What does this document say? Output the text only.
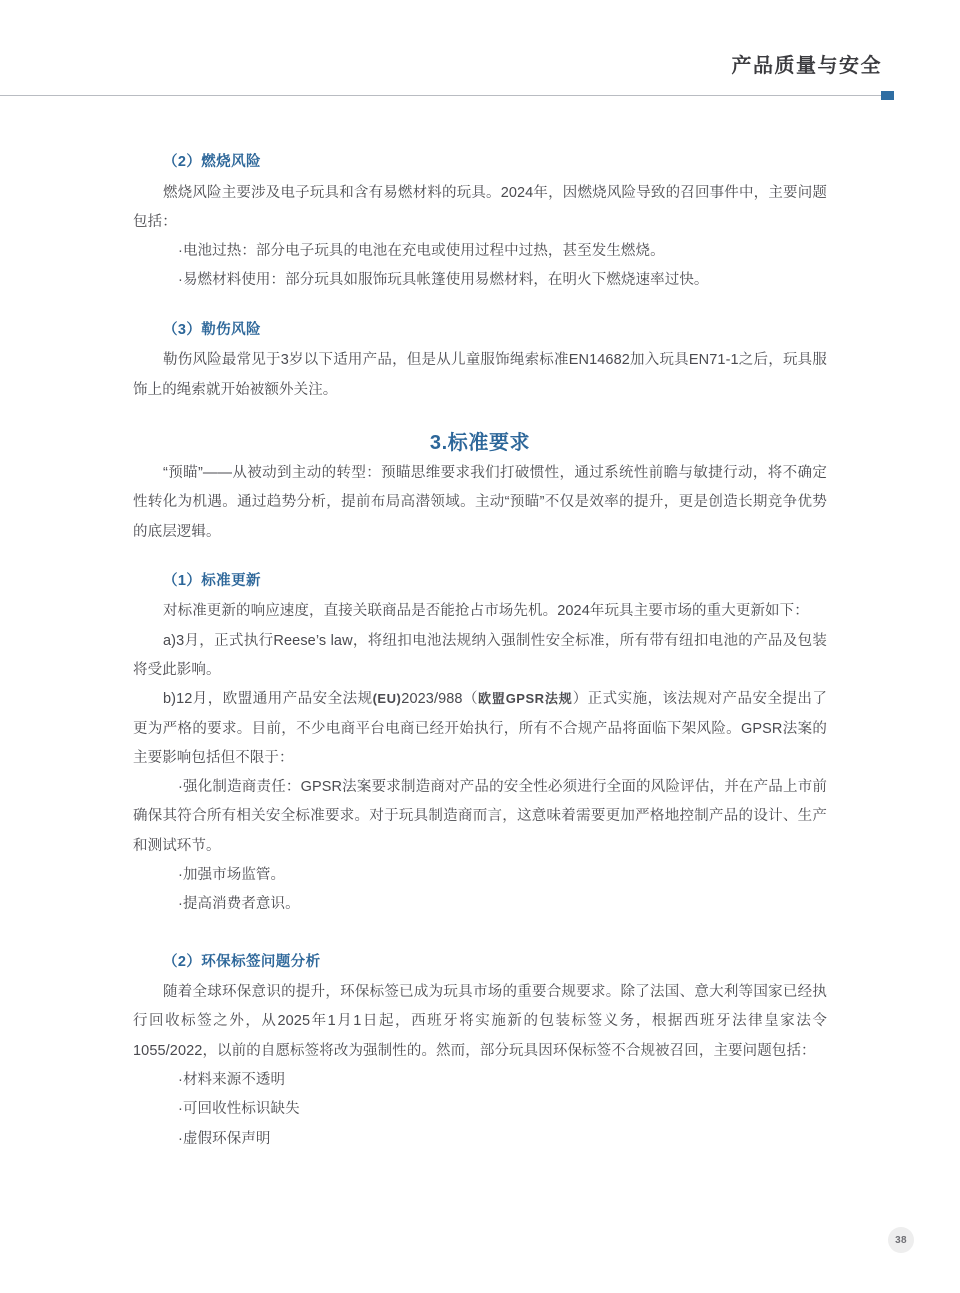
产品质量与安全
（2）燃烧风险

燃烧风险主要涉及电子玩具和含有易燃材料的玩具。2024年，因燃烧风险导致的召回事件中，主要问题包括：

·电池过热：部分电子玩具的电池在充电或使用过程中过热，甚至发生燃烧。

·易燃材料使用：部分玩具如服饰玩具帐篷使用易燃材料，在明火下燃烧速率过快。

（3）勒伤风险

勒伤风险最常见于3岁以下适用产品，但是从儿童服饰绳索标准EN14682加入玩具EN71-1之后，玩具服饰上的绳索就开始被额外关注。

3.标准要求

“预瞄”——从被动到主动的转型：预瞄思维要求我们打破惯性，通过系统性前瞻与敏捷行动，将不确定性转化为机遇。通过趋势分析，提前布局高潜领域。主动“预瞄”不仅是效率的提升，更是创造长期竞争优势的底层逻辑。

（1）标准更新

对标准更新的响应速度，直接关联商品是否能抢占市场先机。2024年玩具主要市场的重大更新如下：

a)3月，正式执行Reese’s law，将纽扣电池法规纳入强制性安全标准，所有带有纽扣电池的产品及包装将受此影响。

b)12月，欧盟通用产品安全法规(EU)2023/988（欧盟GPSR法规）正式实施，该法规对产品安全提出了更为严格的要求。目前，不少电商平台电商已经开始执行，所有不合规产品将面临下架风险。GPSR法案的主要影响包括但不限于：

·强化制造商责任：GPSR法案要求制造商对产品的安全性必须进行全面的风险评估，并在产品上市前确保其符合所有相关安全标准要求。对于玩具制造商而言，这意味着需要更加严格地控制产品的设计、生产和测试环节。

·加强市场监管。

·提高消费者意识。

（2）环保标签问题分析

随着全球环保意识的提升，环保标签已成为玩具市场的重要合规要求。除了法国、意大利等国家已经执行回收标签之外，从2025年1月1日起，西班牙将实施新的包装标签义务，根据西班牙法律皇家法令1055/2022，以前的自愿标签将改为强制性的。然而，部分玩具因环保标签不合规被召回，主要问题包括：

·材料来源不透明

·可回收性标识缺失

·虚假环保声明

38
